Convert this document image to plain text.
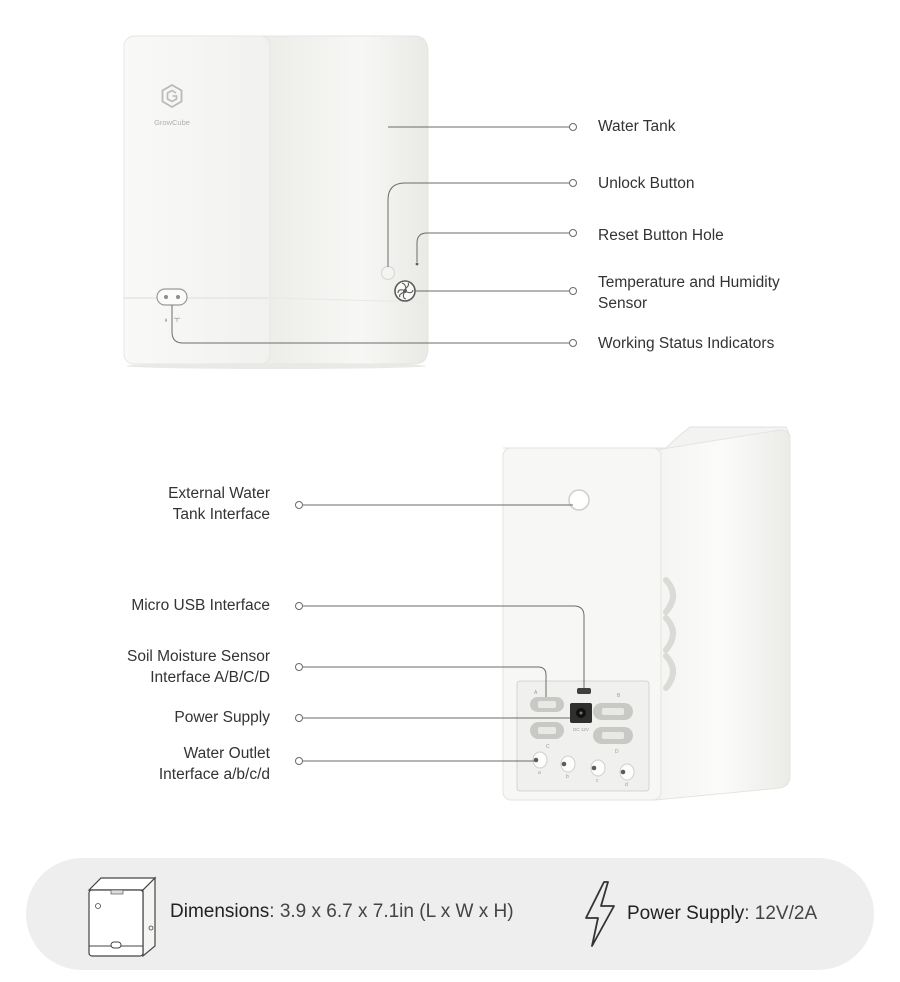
GrowCube
A	B
C
D
DC 12V
a
b
c
d
Water Tank
Unlock Button
Reset Button Hole
Temperature and Humidity
Sensor
Working Status Indicators
External Water
Tank Interface
Micro USB Interface
Soil Moisture Sensor
Interface A/B/C/D
Power Supply
Water Outlet
Interface a/b/c/d
Dimensions: 3.9 x 6.7 x 7.1in (L x W x H)	Power Supply: 12V/2A
